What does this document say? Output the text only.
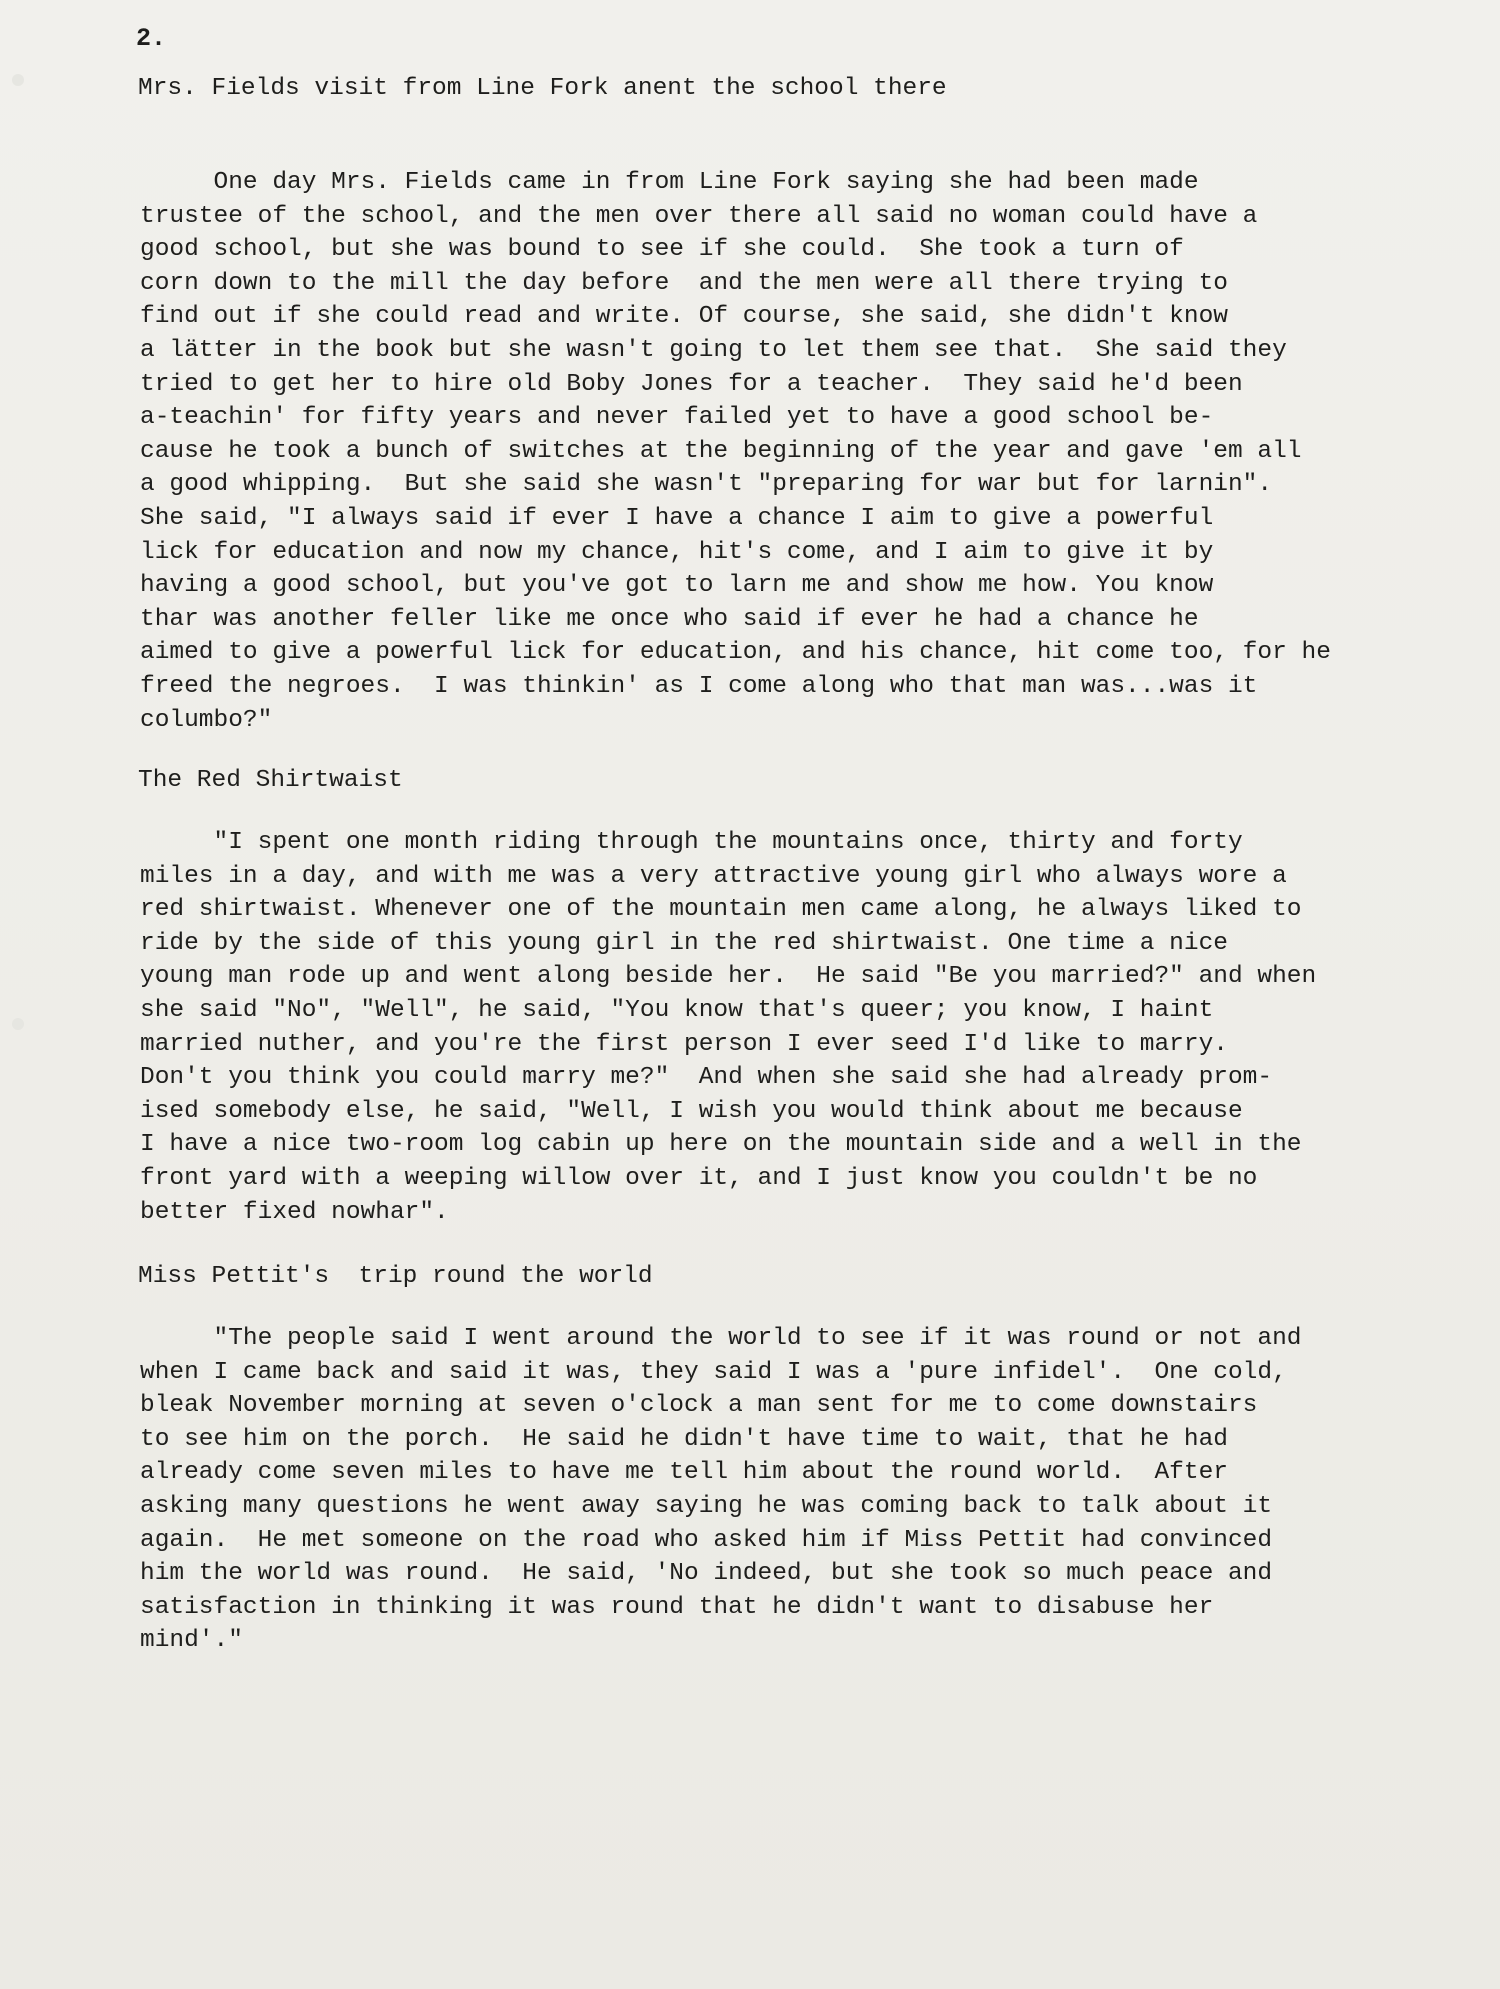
2.
Mrs. Fields visit from Line Fork anent the school there
One day Mrs. Fields came in from Line Fork saying she had been made
trustee of the school, and the men over there all said no woman could have a
good school, but she was bound to see if she could.  She took a turn of
corn down to the mill the day before  and the men were all there trying to
find out if she could read and write. Of course, she said, she didn't know
a lätter in the book but she wasn't going to let them see that.  She said they
tried to get her to hire old Boby Jones for a teacher.  They said he'd been
a-teachin' for fifty years and never failed yet to have a good school be-
cause he took a bunch of switches at the beginning of the year and gave 'em all
a good whipping.  But she said she wasn't "preparing for war but for larnin".
She said, "I always said if ever I have a chance I aim to give a powerful
lick for education and now my chance, hit's come, and I aim to give it by
having a good school, but you've got to larn me and show me how. You know
thar was another feller like me once who said if ever he had a chance he
aimed to give a powerful lick for education, and his chance, hit come too, for he
freed the negroes.  I was thinkin' as I come along who that man was...was it
columbo?"
The Red Shirtwaist
"I spent one month riding through the mountains once, thirty and forty
miles in a day, and with me was a very attractive young girl who always wore a
red shirtwaist. Whenever one of the mountain men came along, he always liked to
ride by the side of this young girl in the red shirtwaist. One time a nice
young man rode up and went along beside her.  He said "Be you married?" and when
she said "No", "Well", he said, "You know that's queer; you know, I haint
married nuther, and you're the first person I ever seed I'd like to marry.
Don't you think you could marry me?"  And when she said she had already prom-
ised somebody else, he said, "Well, I wish you would think about me because
I have a nice two-room log cabin up here on the mountain side and a well in the
front yard with a weeping willow over it, and I just know you couldn't be no
better fixed nowhar".
Miss Pettit's  trip round the world
"The people said I went around the world to see if it was round or not and
when I came back and said it was, they said I was a 'pure infidel'.  One cold,
bleak November morning at seven o'clock a man sent for me to come downstairs
to see him on the porch.  He said he didn't have time to wait, that he had
already come seven miles to have me tell him about the round world.  After
asking many questions he went away saying he was coming back to talk about it
again.  He met someone on the road who asked him if Miss Pettit had convinced
him the world was round.  He said, 'No indeed, but she took so much peace and
satisfaction in thinking it was round that he didn't want to disabuse her
mind'."
